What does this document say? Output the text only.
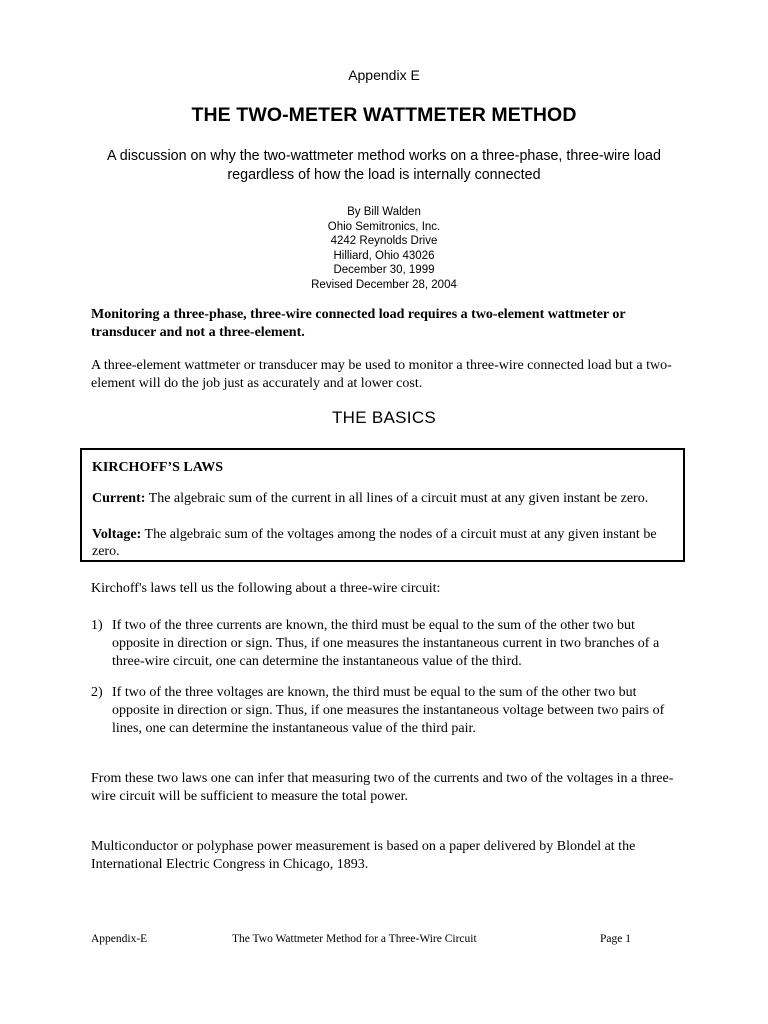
Appendix E
THE TWO-METER WATTMETER METHOD
A discussion on why the two-wattmeter method works on a three-phase, three-wire load
regardless of how the load is internally connected
By Bill Walden
Ohio Semitronics, Inc.
4242 Reynolds Drive
Hilliard, Ohio 43026
December 30, 1999
Revised December 28, 2004
Monitoring a three-phase, three-wire connected load requires a two-element wattmeter or transducer and not a three-element.
A three-element wattmeter or transducer may be used to monitor a three-wire connected load but a two-element will do the job just as accurately and at lower cost.
THE BASICS
KIRCHOFF’S LAWS
Current: The algebraic sum of the current in all lines of a circuit must at any given instant be zero.
Voltage: The algebraic sum of the voltages among the nodes of a circuit must at any given instant be zero.
Kirchoff's laws tell us the following about a three-wire circuit:
1) If two of the three currents are known, the third must be equal to the sum of the other two but opposite in direction or sign. Thus, if one measures the instantaneous current in two branches of a three-wire circuit, one can determine the instantaneous value of the third.
2) If two of the three voltages are known, the third must be equal to the sum of the other two but opposite in direction or sign. Thus, if one measures the instantaneous voltage between two pairs of lines, one can determine the instantaneous value of the third pair.
From these two laws one can infer that measuring two of the currents and two of the voltages in a three-wire circuit will be sufficient to measure the total power.
Multiconductor or polyphase power measurement is based on a paper delivered by Blondel at the International Electric Congress in Chicago, 1893.
Appendix-E	The Two Wattmeter Method for a Three-Wire Circuit	Page 1
